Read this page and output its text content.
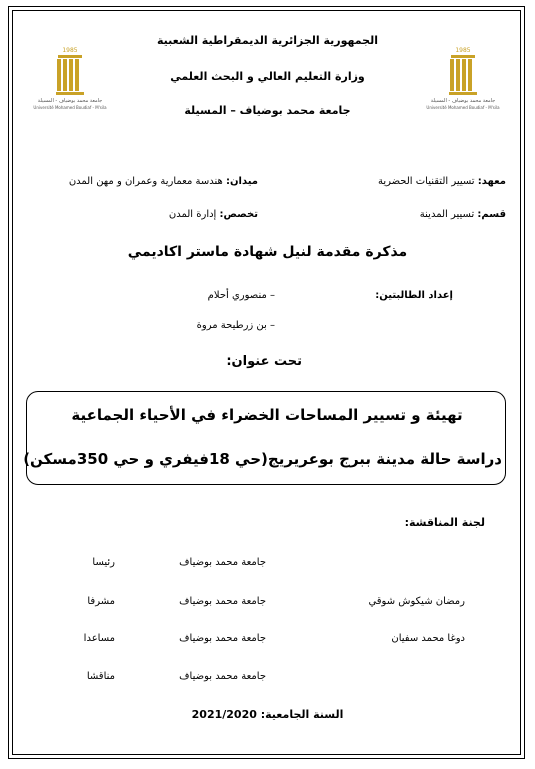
1985
جامعة محمد بوضياف - المسيلة
Université Mohamed Boudiaf - M'sila
1985
جامعة محمد بوضياف - المسيلة
Université Mohamed Boudiaf - M'sila
الجمهورية الجزائرية الديمقراطية الشعبية
وزارة التعليم العالي و البحث العلمي
جامعة محمد بوضياف – المسيلة
معهد: تسيير التقنيات الحضرية
ميدان: هندسة معمارية وعمران و مهن المدن
قسم: تسيير المدينة
تخصص: إدارة المدن
مذكرة مقدمة لنيل شهادة ماستر اكاديمي
إعداد الطالبتين:
– منصوري أحلام
– بن زرطيحة مروة
تحت عنوان:
تهيئة و تسيير المساحات الخضراء في الأحياء الجماعية
دراسة حالة مدينة ببرج بوعريريج(حي 18فيفري و حي 350مسكن)
لجنة المناقشة:
جامعة محمد بوضياف
رئيسا
رمضان شيكوش شوقي
جامعة محمد بوضياف
مشرفا
دوغا محمد سفيان
جامعة محمد بوضياف
مساعدا
جامعة محمد بوضياف
مناقشا
السنة الجامعية: 2021/2020
